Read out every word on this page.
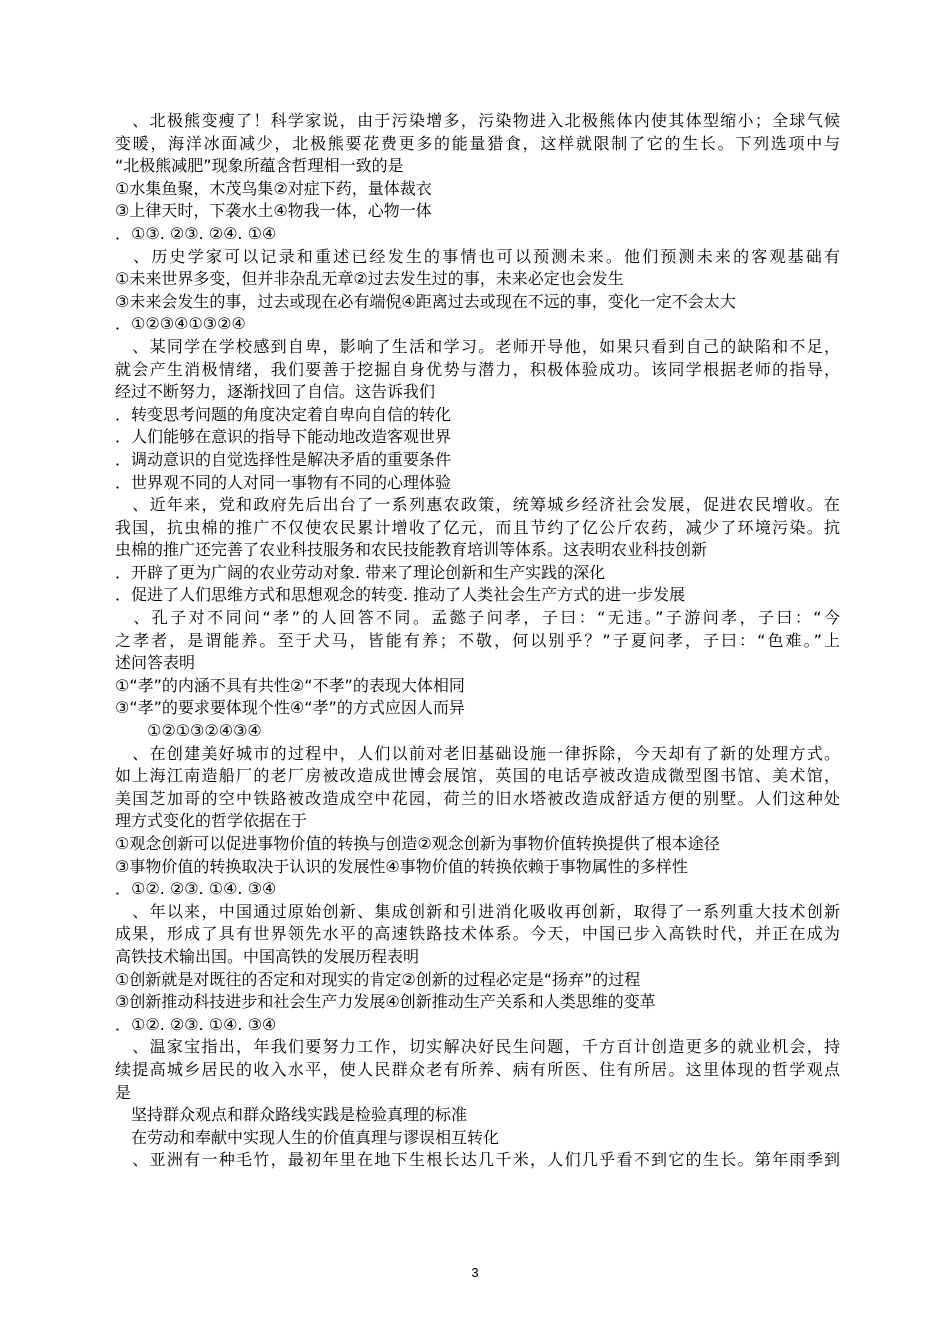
　、北极熊变瘦了！科学家说，由于污染增多，污染物进入北极熊体内使其体型缩小；全球气候
变暖，海洋冰面减少，北极熊要花费更多的能量猎食，这样就限制了它的生长。下列选项中与
“北极熊减肥”现象所蕴含哲理相一致的是
①水集鱼聚，木茂鸟集②对症下药，量体裁衣
③上律天时，下袭水土④物我一体，心物一体
．①③. ②③. ②④. ①④
　、历史学家可以记录和重述已经发生的事情也可以预测未来。他们预测未来的客观基础有
①未来世界多变，但并非杂乱无章②过去发生过的事，未来必定也会发生
③未来会发生的事，过去或现在必有端倪④距离过去或现在不远的事，变化一定不会太大
．①②③④①③②④
　、某同学在学校感到自卑，影响了生活和学习。老师开导他，如果只看到自己的缺陷和不足，
就会产生消极情绪，我们要善于挖掘自身优势与潜力，积极体验成功。该同学根据老师的指导，
经过不断努力，逐渐找回了自信。这告诉我们
．转变思考问题的角度决定着自卑向自信的转化
．人们能够在意识的指导下能动地改造客观世界
．调动意识的自觉选择性是解决矛盾的重要条件
．世界观不同的人对同一事物有不同的心理体验
　、近年来，党和政府先后出台了一系列惠农政策，统筹城乡经济社会发展，促进农民增收。在
我国，抗虫棉的推广不仅使农民累计增收了亿元，而且节约了亿公斤农药，减少了环境污染。抗
虫棉的推广还完善了农业科技服务和农民技能教育培训等体系。这表明农业科技创新
．开辟了更为广阔的农业劳动对象. 带来了理论创新和生产实践的深化
．促进了人们思维方式和思想观念的转变. 推动了人类社会生产方式的进一步发展
　、孔子对不同问“孝”的人回答不同。孟懿子问孝，子曰：“无违。”子游问孝，子曰：“今
之孝者，是谓能养。至于犬马，皆能有养；不敬，何以别乎？”子夏问孝，子曰：“色难。”上
述问答表明
①“孝”的内涵不具有共性②“不孝”的表现大体相同
③“孝”的要求要体现个性④“孝”的方式应因人而异
　　①②①③②④③④
　、在创建美好城市的过程中，人们以前对老旧基础设施一律拆除，今天却有了新的处理方式。
如上海江南造船厂的老厂房被改造成世博会展馆，英国的电话亭被改造成微型图书馆、美术馆，
美国芝加哥的空中铁路被改造成空中花园，荷兰的旧水塔被改造成舒适方便的别墅。人们这种处
理方式变化的哲学依据在于
①观念创新可以促进事物价值的转换与创造②观念创新为事物价值转换提供了根本途径
③事物价值的转换取决于认识的发展性④事物价值的转换依赖于事物属性的多样性
．①②. ②③. ①④. ③④
　、年以来，中国通过原始创新、集成创新和引进消化吸收再创新，取得了一系列重大技术创新
成果，形成了具有世界领先水平的高速铁路技术体系。今天，中国已步入高铁时代，并正在成为
高铁技术输出国。中国高铁的发展历程表明
①创新就是对既往的否定和对现实的肯定②创新的过程必定是“扬弃”的过程
③创新推动科技进步和社会生产力发展④创新推动生产关系和人类思维的变革
．①②. ②③. ①④. ③④
　、温家宝指出，年我们要努力工作，切实解决好民生问题，千方百计创造更多的就业机会，持
续提高城乡居民的收入水平，使人民群众老有所养、病有所医、住有所居。这里体现的哲学观点
是
　坚持群众观点和群众路线实践是检验真理的标准
　在劳动和奉献中实现人生的价值真理与谬误相互转化
　、亚洲有一种毛竹，最初年里在地下生根长达几千米，人们几乎看不到它的生长。第年雨季到
3
